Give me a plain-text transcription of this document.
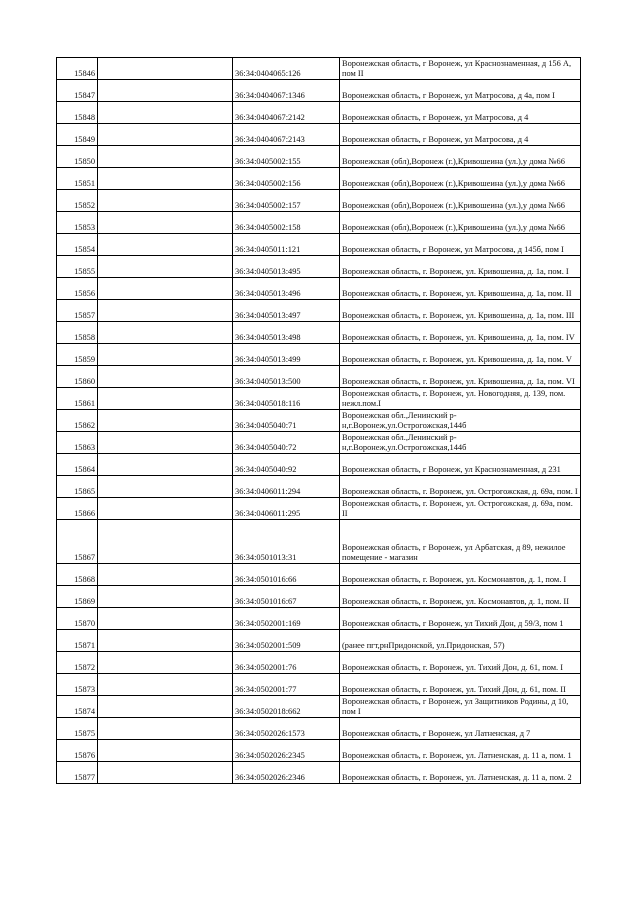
15846		36:34:0404065:126	Воронежская область, г Воронеж, ул Краснознаменная, д 156 А, пом II
15847		36:34:0404067:1346	Воронежская область, г Воронеж, ул Матросова, д 4а, пом I
15848		36:34:0404067:2142	Воронежская область, г Воронеж, ул Матросова, д 4
15849		36:34:0404067:2143	Воронежская область, г Воронеж, ул Матросова, д 4
15850		36:34:0405002:155	Воронежская (обл),Воронеж (г.),Кривошеина (ул.),у дома №66
15851		36:34:0405002:156	Воронежская (обл),Воронеж (г.),Кривошеина (ул.),у дома №66
15852		36:34:0405002:157	Воронежская (обл),Воронеж (г.),Кривошеина (ул.),у дома №66
15853		36:34:0405002:158	Воронежская (обл),Воронеж (г.),Кривошеина (ул.),у дома №66
15854		36:34:0405011:121	Воронежская область, г Воронеж, ул Матросова, д 145б, пом I
15855		36:34:0405013:495	Воронежская область, г. Воронеж, ул. Кривошеина, д. 1а, пом. I
15856		36:34:0405013:496	Воронежская область, г. Воронеж, ул. Кривошеина, д. 1а, пом. II
15857		36:34:0405013:497	Воронежская область, г. Воронеж, ул. Кривошеина, д. 1а, пом. III
15858		36:34:0405013:498	Воронежская область, г. Воронеж, ул. Кривошеина, д. 1а, пом. IV
15859		36:34:0405013:499	Воронежская область, г. Воронеж, ул. Кривошеина, д. 1а, пом. V
15860		36:34:0405013:500	Воронежская область, г. Воронеж, ул. Кривошеина, д. 1а, пом. VI
15861		36:34:0405018:116	Воронежская область, г. Воронеж, ул. Новогодняя, д. 139, пом. нежл.пом.I
15862		36:34:0405040:71	Воронежская обл.,Ленинский р-н,г.Воронеж,ул.Острогожская,144б
15863		36:34:0405040:72	Воронежская обл.,Ленинский р-н,г.Воронеж,ул.Острогожская,144б
15864		36:34:0405040:92	Воронежская область, г Воронеж, ул Краснознаменная, д 231
15865		36:34:0406011:294	Воронежская область, г. Воронеж, ул. Острогожская, д. 69а, пом. I
15866		36:34:0406011:295	Воронежская область, г. Воронеж, ул. Острогожская, д. 69а, пом. II
15867		36:34:0501013:31	Воронежская область, г Воронеж, ул Арбатская, д 89, нежилое помещение - магазин
15868		36:34:0501016:66	Воронежская область, г. Воронеж, ул. Космонавтов, д. 1, пом. I
15869		36:34:0501016:67	Воронежская область, г. Воронеж, ул. Космонавтов, д. 1, пом. II
15870		36:34:0502001:169	Воронежская область, г Воронеж, ул Тихий Дон, д 59/3, пом 1
15871		36:34:0502001:509	(ранее пгт,рнПридонской, ул.Придонская, 57)
15872		36:34:0502001:76	Воронежская область, г. Воронеж, ул. Тихий Дон, д. 61, пом. I
15873		36:34:0502001:77	Воронежская область, г. Воронеж, ул. Тихий Дон, д. 61, пом. II
15874		36:34:0502018:662	Воронежская область, г Воронеж, ул Защитников Родины, д 10, пом I
15875		36:34:0502026:1573	Воронежская область, г Воронеж, ул Латненская, д 7
15876		36:34:0502026:2345	Воронежская область, г. Воронеж, ул. Латненская, д. 11 а, пом. 1
15877		36:34:0502026:2346	Воронежская область, г. Воронеж, ул. Латненская, д. 11 а, пом. 2
